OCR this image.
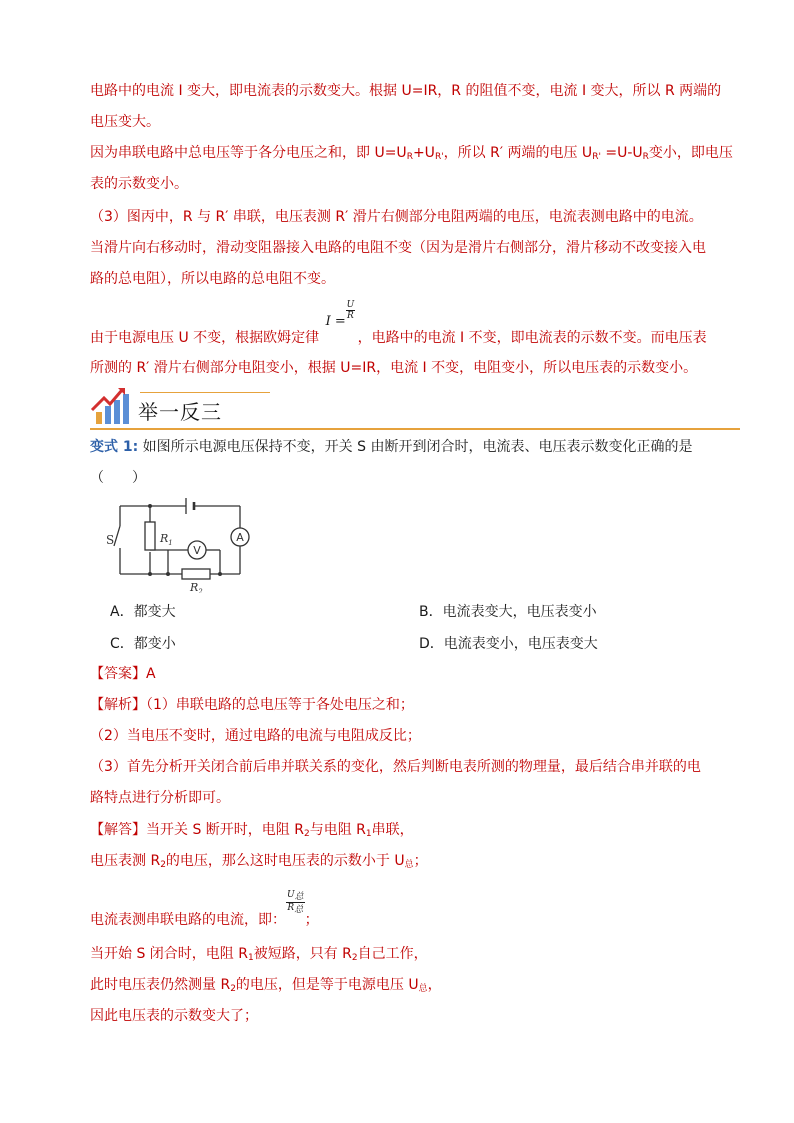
电路中的电流 I 变大，即电流表的示数变大。根据 U=IR，R 的阻值不变，电流 I 变大，所以 R 两端的
电压变大。
因为串联电路中总电压等于各分电压之和，即 $U=U_R+U_{R'}$，所以 R′ 两端的电压 $U_{R'} =U-U_R$变小，即电压
表的示数变小。
（3）图丙中，R 与 R′ 串联，电压表测 R′ 滑片右侧部分电阻两端的电压，电流表测电路中的电流。
当滑片向右移动时，滑动变阻器接入电路的电阻不变（因为是滑片右侧部分，滑片移动不改变接入电
路的总电阻），所以电路的总电阻不变。
由于电源电压 U 不变，根据欧姆定律
I =
$\frac{U}{R}$
，电路中的电流 I 不变，即电流表的示数不变。而电压表
所测的 R′ 滑片右侧部分电阻变小，根据 U=IR，电流 I 不变，电阻变小，所以电压表的示数变小。
举一反三
变式 1: 如图所示电源电压保持不变，开关 S 由断开到闭合时，电流表、电压表示数变化正确的是
（　　）
V
A
S	$R_1$
$R_2$
A．都变大	B．电流表变大，电压表变小
C．都变小	D．电流表变小，电压表变大
【答案】A
【解析】（1）串联电路的总电压等于各处电压之和；
（2）当电压不变时，通过电路的电流与电阻成反比；
（3）首先分析开关闭合前后串并联关系的变化，然后判断电表所测的物理量，最后结合串并联的电
路特点进行分析即可。
【解答】当开关 S 断开时，电阻 $R_2$与电阻 $R_1$串联，
电压表测 $R_2$的电压，那么这时电压表的示数小于 $U_总$；
电流表测串联电路的电流，即：
$\frac{U_总}{R_总}$
；
当开始 S 闭合时，电阻 $R_1$被短路，只有 $R_2$自己工作，
此时电压表仍然测量 $R_2$的电压，但是等于电源电压 $U_总$，
因此电压表的示数变大了；
